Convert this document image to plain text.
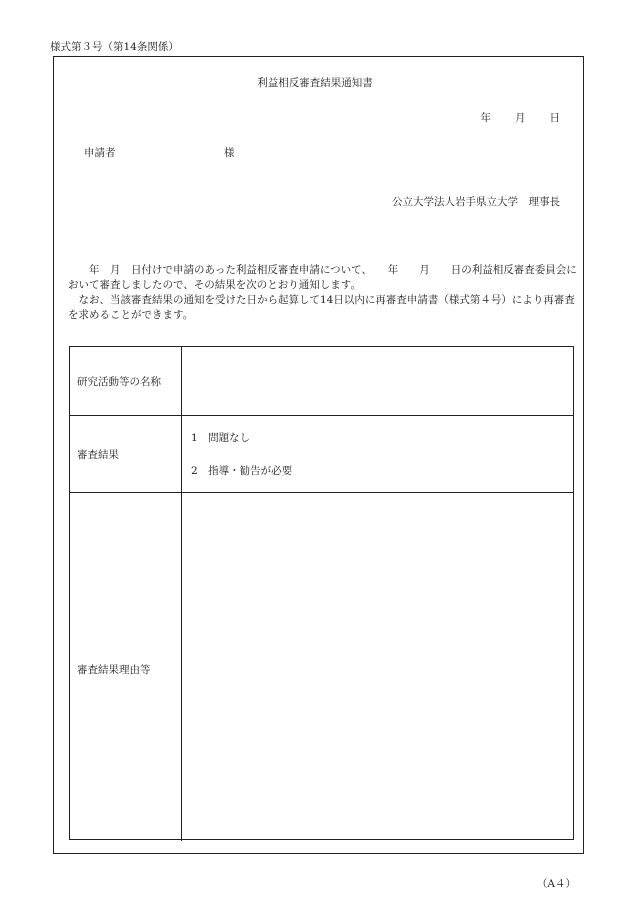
様式第３号（第14条関係）
利益相反審査結果通知書
年 月 日
申請者	様
公立大学法人岩手県立大学　理事長
　　年　月　日付けで申請のあった利益相反審査申請について、　　年　　月　　日の利益相反審査委員会において審査しましたので、その結果を次のとおり通知します。
　なお、当該審査結果の通知を受けた日から起算して14日以内に再審査申請書（様式第４号）により再審査を求めることができます。
研究活動等の名称
審査結果
1　問題なし
2　指導・勧告が必要
審査結果理由等
（A４）
